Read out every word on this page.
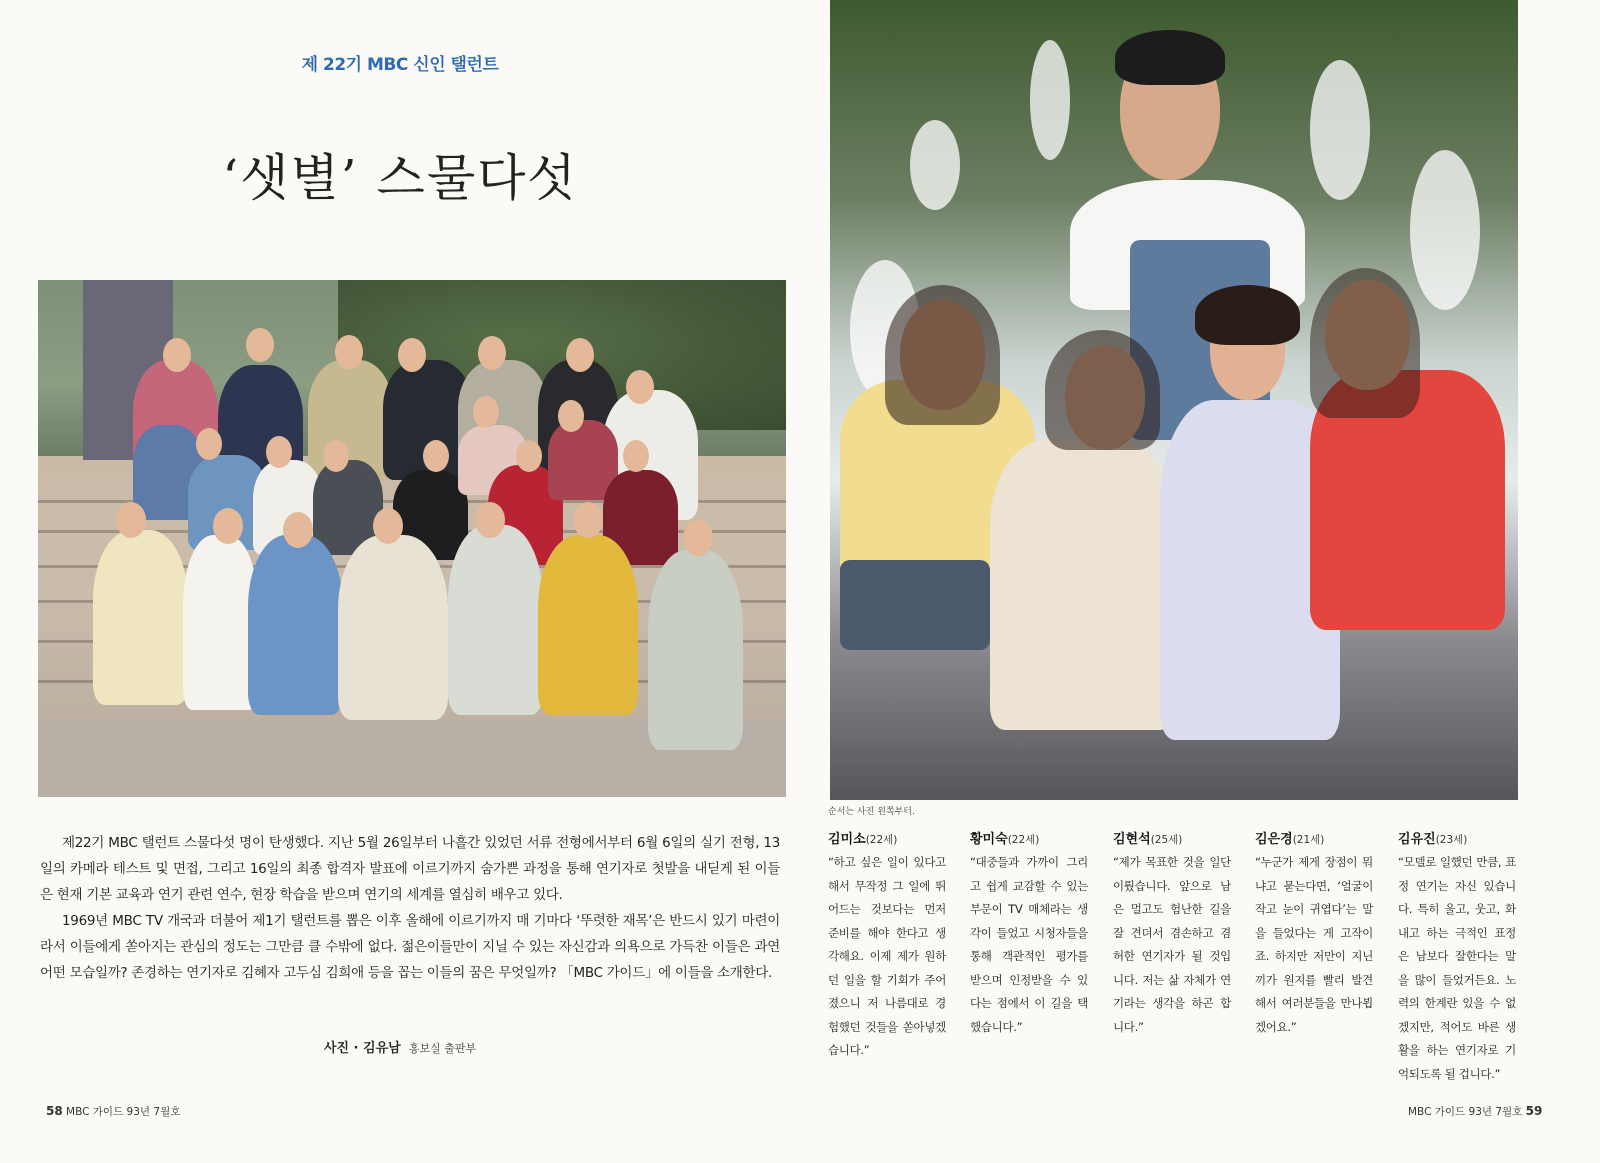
제 22기 MBC 신인 탤런트
‘샛별’ 스물다섯
순서는 사진 왼쪽부터.

제22기 MBC 탤런트 스물다섯 명이 탄생했다. 지난 5월 26일부터 나흘간 있었던 서류 전형에서부터 6월 6일의 실기 전형, 13일의 카메라 테스트 및 면접, 그리고 16일의 최종 합격자 발표에 이르기까지 숨가쁜 과정을 통해 연기자로 첫발을 내딛게 된 이들은 현재 기본 교육과 연기 관련 연수, 현장 학습을 받으며 연기의 세계를 열심히 배우고 있다.

1969년 MBC TV 개국과 더불어 제1기 탤런트를 뽑은 이후 올해에 이르기까지 매 기마다 ‘뚜렷한 재목’은 반드시 있기 마련이라서 이들에게 쏟아지는 관심의 정도는 그만큼 클 수밖에 없다. 젊은이들만이 지닐 수 있는 자신감과 의욕으로 가득찬 이들은 과연 어떤 모습일까? 존경하는 연기자로 김혜자 고두심 김희애 등을 꼽는 이들의 꿈은 무엇일까? 「MBC 가이드」에 이들을 소개한다.

사진 · 김유남 홍보실 출판부
김미소(22세)
“하고 싶은 일이 있다고 해서 무작정 그 일에 뛰어드는 것보다는 먼저 준비를 해야 한다고 생각해요. 이제 제가 원하던 일을 할 기회가 주어졌으니 저 나름대로 경험했던 것들을 쏟아넣겠습니다.”
황미숙(22세)
“대중들과 가까이 그리고 쉽게 교감할 수 있는 부문이 TV 매체라는 생각이 들었고 시청자들을 통해 객관적인 평가를 받으며 인정받을 수 있다는 점에서 이 길을 택했습니다.”
김현석(25세)
“제가 목표한 것을 일단 이뤘습니다. 앞으로 남은 멀고도 험난한 길을 잘 견뎌서 겸손하고 겸허한 연기자가 될 것입니다. 저는 삶 자체가 연기라는 생각을 하곤 합니다.”
김은경(21세)
“누군가 제게 장점이 뭐냐고 묻는다면, ‘얼굴이 작고 눈이 귀엽다’는 말을 들었다는 게 고작이죠. 하지만 저만이 지닌 끼가 원지를 빨리 발견해서 여러분들을 만나뵙겠어요.”
김유진(23세)
“모델로 일했던 만큼, 표정 연기는 자신 있습니다. 특히 울고, 웃고, 화내고 하는 극적인 표정은 남보다 잘한다는 말을 많이 들었거든요. 노력의 한계란 있을 수 없겠지만, 적어도 바른 생활을 하는 연기자로 기억되도록 될 겁니다.”
58 MBC 가이드 93년 7월호	MBC 가이드 93년 7월호 59
